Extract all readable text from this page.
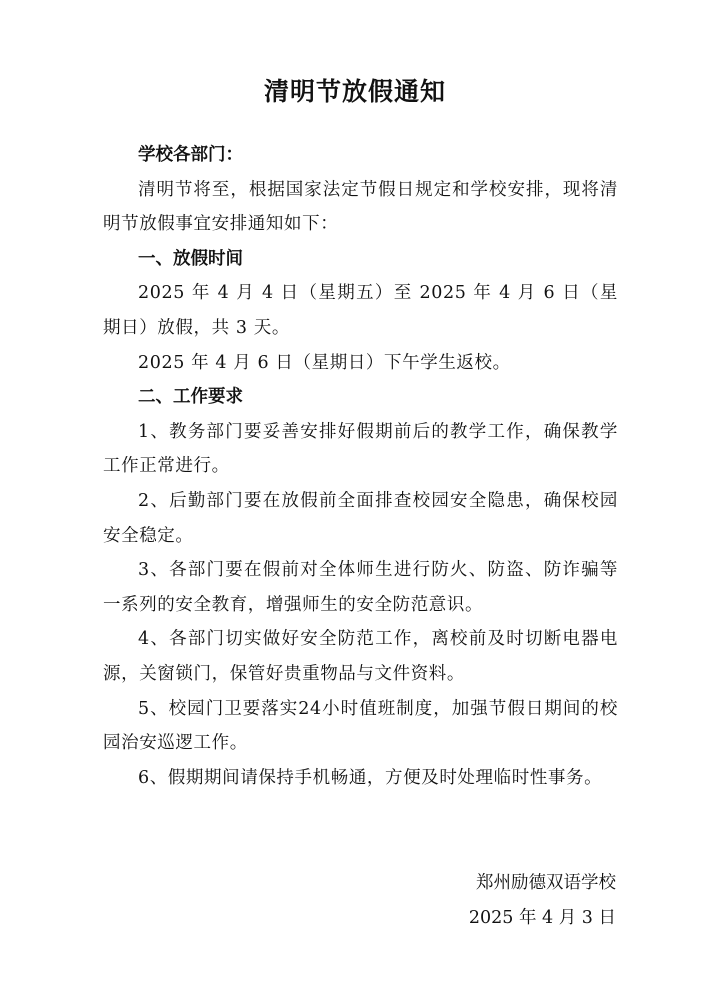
清明节放假通知

学校各部门：

清明节将至，根据国家法定节假日规定和学校安排，现将清明节放假事宜安排通知如下：

一、放假时间

2025 年 4 月 4 日（星期五）至 2025 年 4 月 6 日（星期日）放假，共 3 天。

2025 年 4 月 6 日（星期日）下午学生返校。

二、工作要求

1、教务部门要妥善安排好假期前后的教学工作，确保教学工作正常进行。

2、后勤部门要在放假前全面排查校园安全隐患，确保校园安全稳定。

3、各部门要在假前对全体师生进行防火、防盗、防诈骗等一系列的安全教育，增强师生的安全防范意识。

4、各部门切实做好安全防范工作，离校前及时切断电器电源，关窗锁门，保管好贵重物品与文件资料。

5、校园门卫要落实24小时值班制度，加强节假日期间的校园治安巡逻工作。

6、假期期间请保持手机畅通，方便及时处理临时性事务。

郑州励德双语学校
2025 年 4 月 3 日
